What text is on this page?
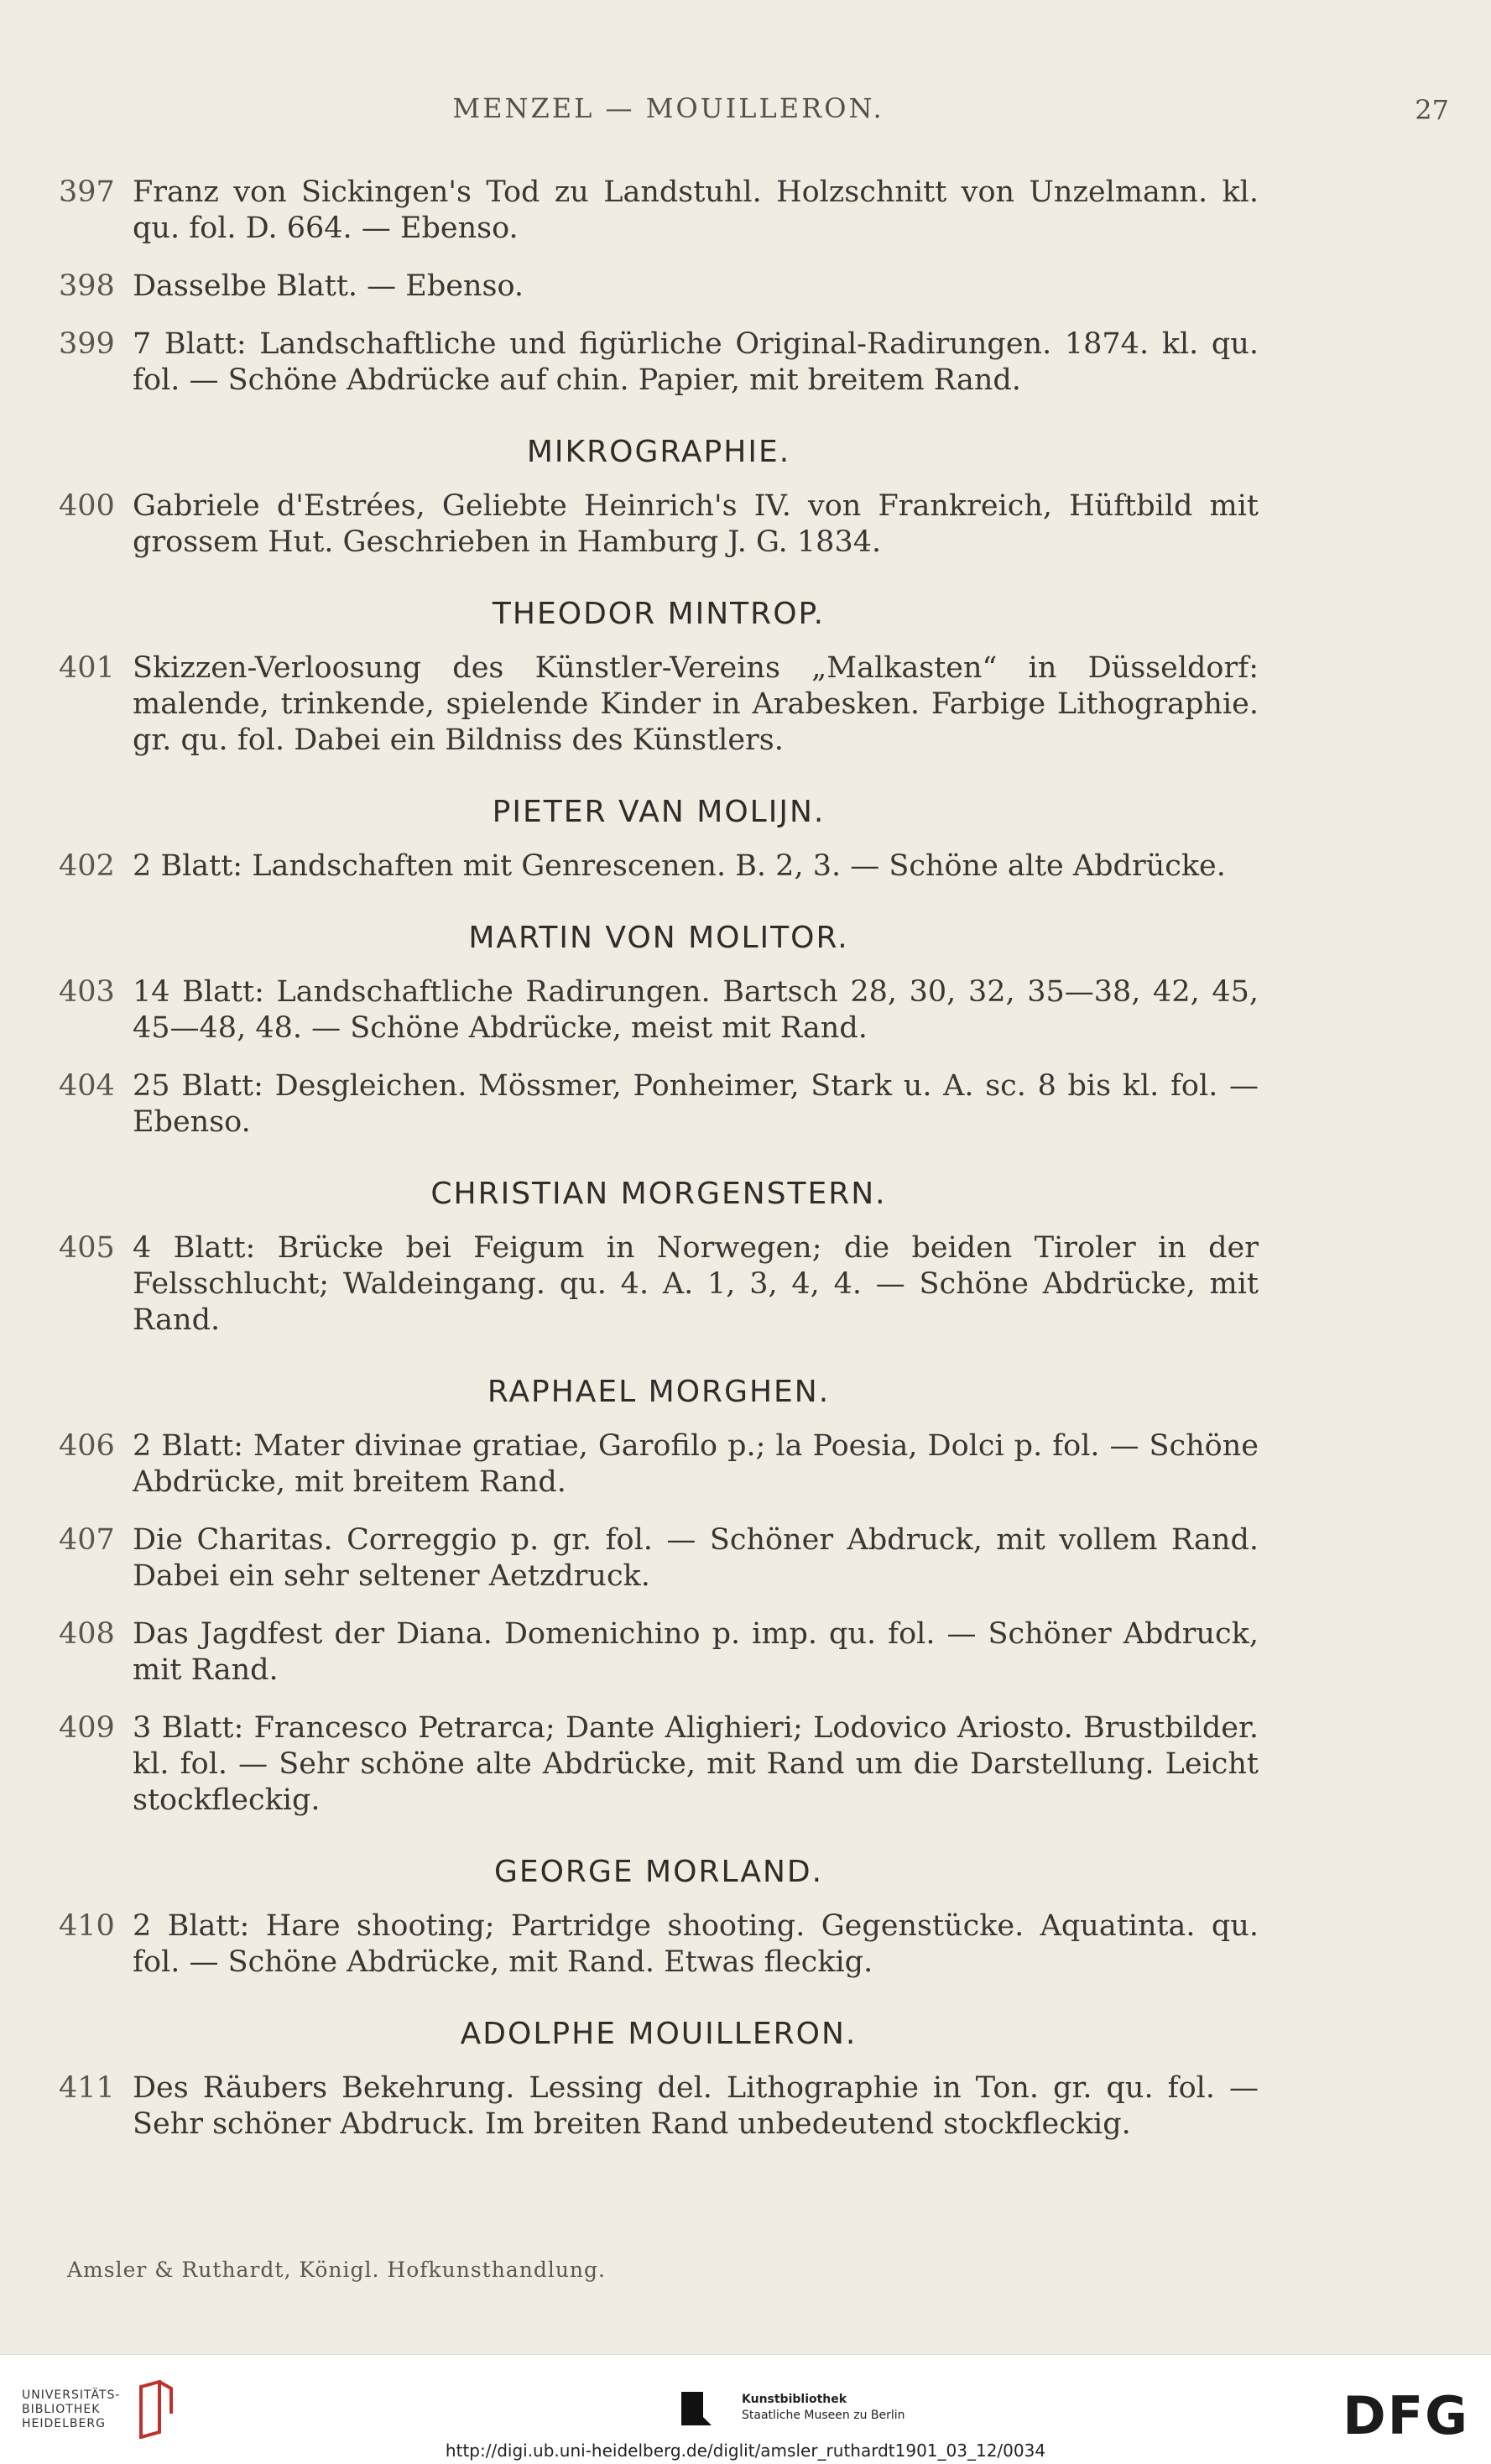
MENZEL — MOUILLERON.	27
397 Franz von Sickingen's Tod zu Landstuhl. Holzschnitt von Unzelmann. kl. qu. fol. D. 664. — Ebenso.
398 Dasselbe Blatt. — Ebenso.
399 7 Blatt: Landschaftliche und figürliche Original-Radirungen. 1874. kl. qu. fol. — Schöne Abdrücke auf chin. Papier, mit breitem Rand.
MIKROGRAPHIE.
400 Gabriele d'Estrées, Geliebte Heinrich's IV. von Frankreich, Hüftbild mit grossem Hut. Geschrieben in Hamburg J. G. 1834.
THEODOR MINTROP.
401 Skizzen-Verloosung des Künstler-Vereins „Malkasten“ in Düsseldorf: malende, trinkende, spielende Kinder in Arabesken. Farbige Lithographie. gr. qu. fol. Dabei ein Bildniss des Künstlers.
PIETER VAN MOLIJN.
402 2 Blatt: Landschaften mit Genrescenen. B. 2, 3. — Schöne alte Abdrücke.
MARTIN VON MOLITOR.
403 14 Blatt: Landschaftliche Radirungen. Bartsch 28, 30, 32, 35—38, 42, 45, 45—48, 48. — Schöne Abdrücke, meist mit Rand.
404 25 Blatt: Desgleichen. Mössmer, Ponheimer, Stark u. A. sc. 8 bis kl. fol. — Ebenso.
CHRISTIAN MORGENSTERN.
405 4 Blatt: Brücke bei Feigum in Norwegen; die beiden Tiroler in der Felsschlucht; Waldeingang. qu. 4. A. 1, 3, 4, 4. — Schöne Abdrücke, mit Rand.
RAPHAEL MORGHEN.
406 2 Blatt: Mater divinae gratiae, Garofilo p.; la Poesia, Dolci p. fol. — Schöne Abdrücke, mit breitem Rand.
407 Die Charitas. Correggio p. gr. fol. — Schöner Abdruck, mit vollem Rand. Dabei ein sehr seltener Aetzdruck.
408 Das Jagdfest der Diana. Domenichino p. imp. qu. fol. — Schöner Abdruck, mit Rand.
409 3 Blatt: Francesco Petrarca; Dante Alighieri; Lodovico Ariosto. Brustbilder. kl. fol. — Sehr schöne alte Abdrücke, mit Rand um die Darstellung. Leicht stockfleckig.
GEORGE MORLAND.
410 2 Blatt: Hare shooting; Partridge shooting. Gegenstücke. Aquatinta. qu. fol. — Schöne Abdrücke, mit Rand. Etwas fleckig.
ADOLPHE MOUILLERON.
411 Des Räubers Bekehrung. Lessing del. Lithographie in Ton. gr. qu. fol. — Sehr schöner Abdruck. Im breiten Rand unbedeutend stockfleckig.
Amsler & Ruthardt, Königl. Hofkunsthandlung.
UNIVERSITÄTS-
BIBLIOTHEK
HEIDELBERG
Kunstbibliothek
Staatliche Museen zu Berlin	DFG
http://digi.ub.uni-heidelberg.de/diglit/amsler_ruthardt1901_03_12/0034
